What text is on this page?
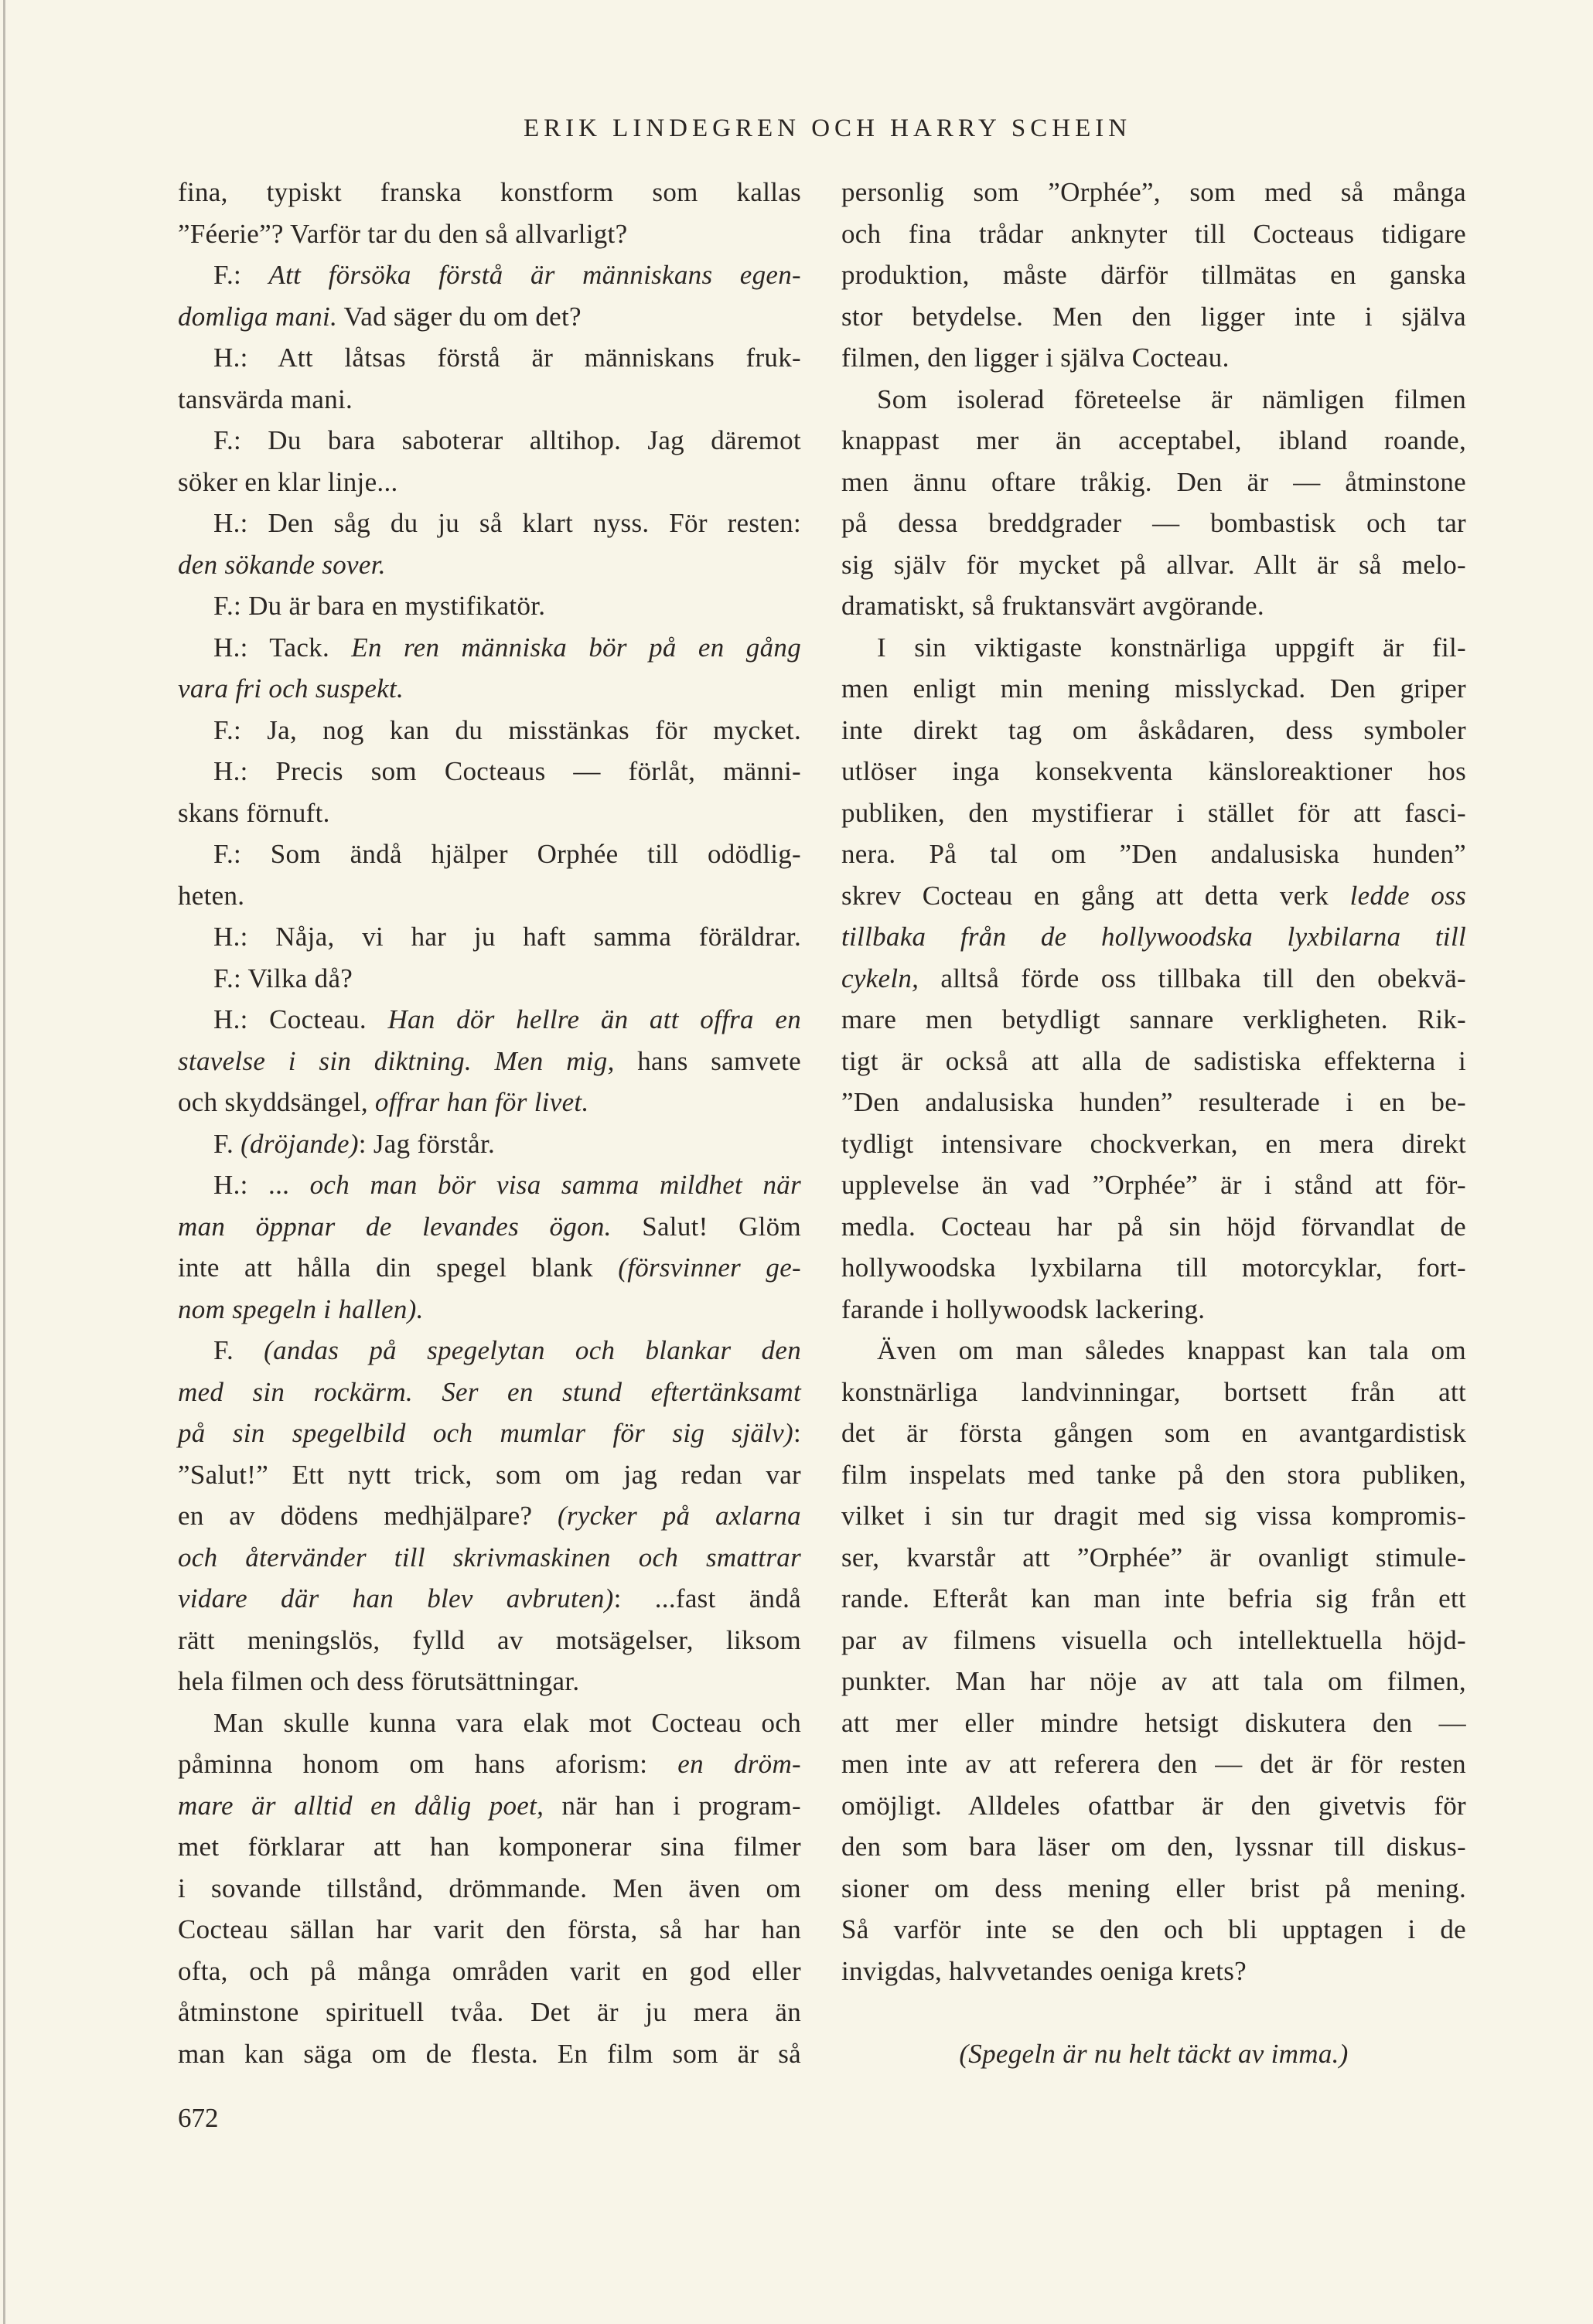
ERIK LINDEGREN OCH HARRY SCHEIN
fina, typiskt franska konstform som kallas
”Féerie”? Varför tar du den så allvarligt?
F.: Att försöka förstå är människans egen-
domliga mani. Vad säger du om det?
H.: Att låtsas förstå är människans fruk-
tansvärda mani.
F.: Du bara saboterar alltihop. Jag däremot
söker en klar linje...
H.: Den såg du ju så klart nyss. För resten:
den sökande sover.
F.: Du är bara en mystifikatör.
H.: Tack. En ren människa bör på en gång
vara fri och suspekt.
F.: Ja, nog kan du misstänkas för mycket.
H.: Precis som Cocteaus — förlåt, männi-
skans förnuft.
F.: Som ändå hjälper Orphée till odödlig-
heten.
H.: Nåja, vi har ju haft samma föräldrar.
F.: Vilka då?
H.: Cocteau. Han dör hellre än att offra en
stavelse i sin diktning. Men mig, hans samvete
och skyddsängel, offrar han för livet.
F. (dröjande): Jag förstår.
H.: ... och man bör visa samma mildhet när
man öppnar de levandes ögon. Salut! Glöm
inte att hålla din spegel blank (försvinner ge-
nom spegeln i hallen).
F. (andas på spegelytan och blankar den
med sin rockärm. Ser en stund eftertänksamt
på sin spegelbild och mumlar för sig själv):
”Salut!” Ett nytt trick, som om jag redan var
en av dödens medhjälpare? (rycker på axlarna
och återvänder till skrivmaskinen och smattrar
vidare där han blev avbruten): ...fast ändå
rätt meningslös, fylld av motsägelser, liksom
hela filmen och dess förutsättningar.
Man skulle kunna vara elak mot Cocteau och
påminna honom om hans aforism: en dröm-
mare är alltid en dålig poet, när han i program-
met förklarar att han komponerar sina filmer
i sovande tillstånd, drömmande. Men även om
Cocteau sällan har varit den första, så har han
ofta, och på många områden varit en god eller
åtminstone spirituell tvåa. Det är ju mera än
man kan säga om de flesta. En film som är så
personlig som ”Orphée”, som med så många
och fina trådar anknyter till Cocteaus tidigare
produktion, måste därför tillmätas en ganska
stor betydelse. Men den ligger inte i själva
filmen, den ligger i själva Cocteau.
Som isolerad företeelse är nämligen filmen
knappast mer än acceptabel, ibland roande,
men ännu oftare tråkig. Den är — åtminstone
på dessa breddgrader — bombastisk och tar
sig själv för mycket på allvar. Allt är så melo-
dramatiskt, så fruktansvärt avgörande.
I sin viktigaste konstnärliga uppgift är fil-
men enligt min mening misslyckad. Den griper
inte direkt tag om åskådaren, dess symboler
utlöser inga konsekventa känsloreaktioner hos
publiken, den mystifierar i stället för att fasci-
nera. På tal om ”Den andalusiska hunden”
skrev Cocteau en gång att detta verk ledde oss
tillbaka från de hollywoodska lyxbilarna till
cykeln, alltså förde oss tillbaka till den obekvä-
mare men betydligt sannare verkligheten. Rik-
tigt är också att alla de sadistiska effekterna i
”Den andalusiska hunden” resulterade i en be-
tydligt intensivare chockverkan, en mera direkt
upplevelse än vad ”Orphée” är i stånd att för-
medla. Cocteau har på sin höjd förvandlat de
hollywoodska lyxbilarna till motorcyklar, fort-
farande i hollywoodsk lackering.
Även om man således knappast kan tala om
konstnärliga landvinningar, bortsett från att
det är första gången som en avantgardistisk
film inspelats med tanke på den stora publiken,
vilket i sin tur dragit med sig vissa kompromis-
ser, kvarstår att ”Orphée” är ovanligt stimule-
rande. Efteråt kan man inte befria sig från ett
par av filmens visuella och intellektuella höjd-
punkter. Man har nöje av att tala om filmen,
att mer eller mindre hetsigt diskutera den —
men inte av att referera den — det är för resten
omöjligt. Alldeles ofattbar är den givetvis för
den som bara läser om den, lyssnar till diskus-
sioner om dess mening eller brist på mening.
Så varför inte se den och bli upptagen i de
invigdas, halvvetandes oeniga krets?
(Spegeln är nu helt täckt av imma.)
672
